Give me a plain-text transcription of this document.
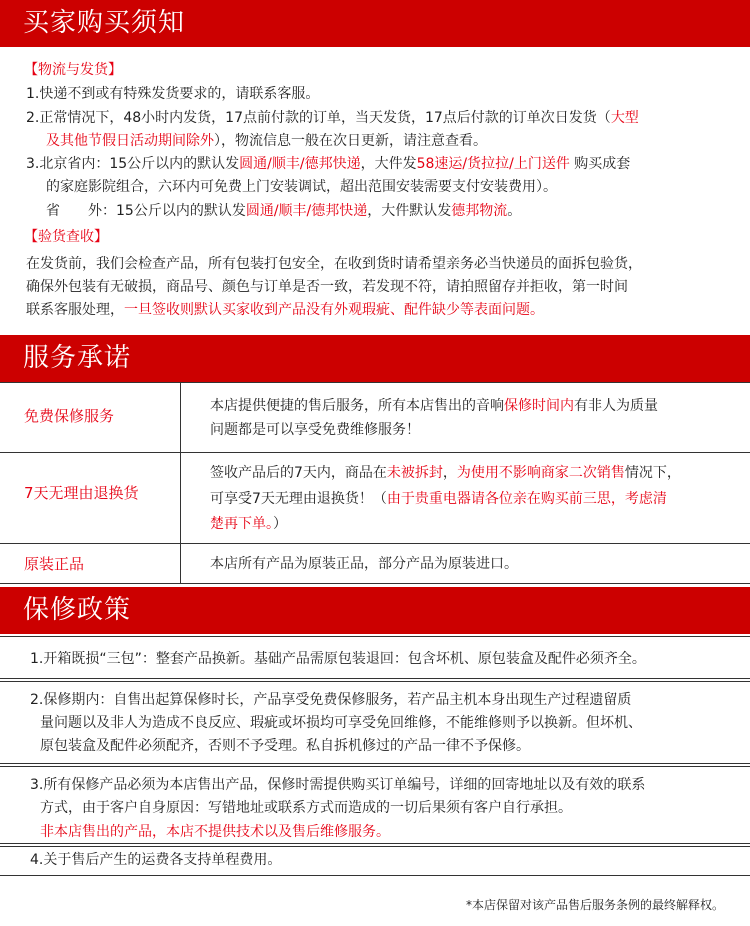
买家购买须知
【物流与发货】
1.快递不到或有特殊发货要求的，请联系客服。
2.正常情况下，48小时内发货，17点前付款的订单，当天发货，17点后付款的订单次日发货（大型
及其他节假日活动期间除外），物流信息一般在次日更新，请注意查看。
3.北京省内：15公斤以内的默认发圆通/顺丰/德邦快递，大件发58速运/货拉拉/上门送件 购买成套
的家庭影院组合，六环内可免费上门安装调试，超出范围安装需要支付安装费用）。
省　　外：15公斤以内的默认发圆通/顺丰/德邦快递，大件默认发德邦物流。
【验货查收】
在发货前，我们会检查产品，所有包装打包安全，在收到货时请希望亲务必当快递员的面拆包验货，
确保外包装有无破损，商品号、颜色与订单是否一致，若发现不符，请拍照留存并拒收，第一时间
联系客服处理，一旦签收则默认买家收到产品没有外观瑕疵、配件缺少等表面问题。
服务承诺
免费保修服务
本店提供便捷的售后服务，所有本店售出的音响保修时间内有非人为质量
问题都是可以享受免费维修服务！
7天无理由退换货
签收产品后的7天内，商品在未被拆封，为使用不影响商家二次销售情况下，
可享受7天无理由退换货！（由于贵重电器请各位亲在购买前三思，考虑清
楚再下单。）
原装正品	本店所有产品为原装正品，部分产品为原装进口。
保修政策
1.开箱既损“三包”：整套产品换新。基础产品需原包装退回：包含坏机、原包装盒及配件必须齐全。
2.保修期内：自售出起算保修时长，产品享受免费保修服务，若产品主机本身出现生产过程遗留质
量问题以及非人为造成不良反应、瑕疵或坏损均可享受免回维修，不能维修则予以换新。但坏机、
原包装盒及配件必须配齐，否则不予受理。私自拆机修过的产品一律不予保修。
3.所有保修产品必须为本店售出产品，保修时需提供购买订单编号，详细的回寄地址以及有效的联系
方式，由于客户自身原因：写错地址或联系方式而造成的一切后果须有客户自行承担。
非本店售出的产品，本店不提供技术以及售后维修服务。
4.关于售后产生的运费各支持单程费用。
*本店保留对该产品售后服务条例的最终解释权。
